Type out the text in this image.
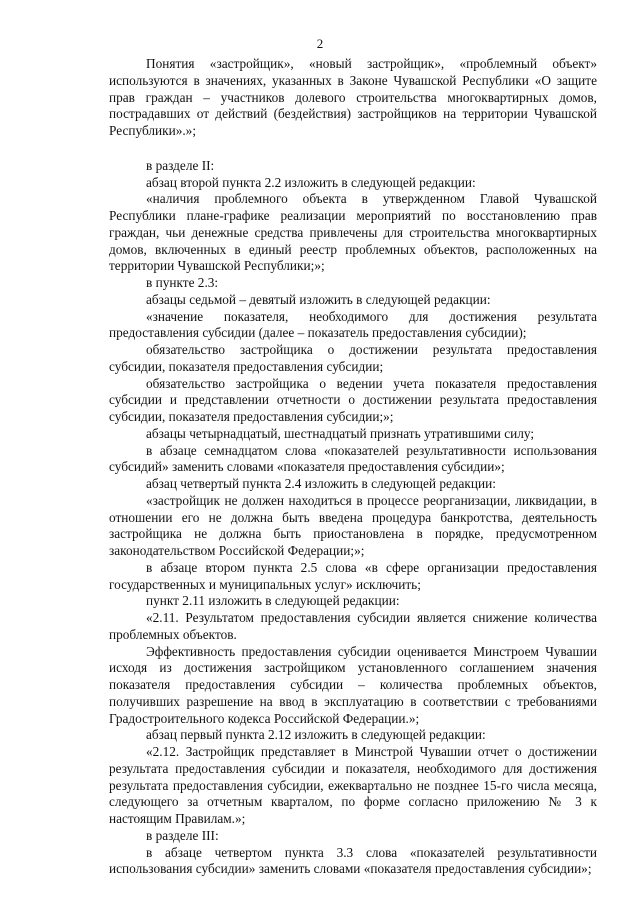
2

Понятия «застройщик», «новый застройщик», «проблемный объект» используются в значениях, указанных в Законе Чувашской Республики «О защите прав граждан – участников долевого строительства многоквартирных домов, пострадавших от действий (бездействия) застройщиков на территории Чувашской Республики».»;

в разделе II:

абзац второй пункта 2.2 изложить в следующей редакции:

«наличия проблемного объекта в утвержденном Главой Чувашской Республики плане-графике реализации мероприятий по восстановлению прав граждан, чьи денежные средства привлечены для строительства многоквартирных домов, включенных в единый реестр проблемных объектов, расположенных на территории Чувашской Республики;»;

в пункте 2.3:

абзацы седьмой – девятый изложить в следующей редакции:

«значение показателя, необходимого для достижения результата предоставления субсидии (далее – показатель предоставления субсидии);

обязательство застройщика о достижении результата предоставления субсидии, показателя предоставления субсидии;

обязательство застройщика о ведении учета показателя предоставления субсидии и представлении отчетности о достижении результата предоставления субсидии, показателя предоставления субсидии;»;

абзацы четырнадцатый, шестнадцатый признать утратившими силу;

в абзаце семнадцатом слова «показателей результативности использования субсидий» заменить словами «показателя предоставления субсидии»;

абзац четвертый пункта 2.4 изложить в следующей редакции:

«застройщик не должен находиться в процессе реорганизации, ликвидации, в отношении его не должна быть введена процедура банкротства, деятельность застройщика не должна быть приостановлена в порядке, предусмотренном законодательством Российской Федерации;»;

в абзаце втором пункта 2.5 слова «в сфере организации предоставления государственных и муниципальных услуг» исключить;

пункт 2.11 изложить в следующей редакции:

«2.11. Результатом предоставления субсидии является снижение количества проблемных объектов.

Эффективность предоставления субсидии оценивается Минстроем Чувашии исходя из достижения застройщиком установленного соглашением значения показателя предоставления субсидии – количества проблемных объектов, получивших разрешение на ввод в эксплуатацию в соответствии с требованиями Градостроительного кодекса Российской Федерации.»;

абзац первый пункта 2.12 изложить в следующей редакции:

«2.12. Застройщик представляет в Минстрой Чувашии отчет о достижении результата предоставления субсидии и показателя, необходимого для достижения результата предоставления субсидии, ежеквартально не позднее 15-го числа месяца, следующего за отчетным кварталом, по форме согласно приложению № 3 к настоящим Правилам.»;

в разделе III:

в абзаце четвертом пункта 3.3 слова «показателей результативности использования субсидии» заменить словами «показателя предоставления субсидии»;
